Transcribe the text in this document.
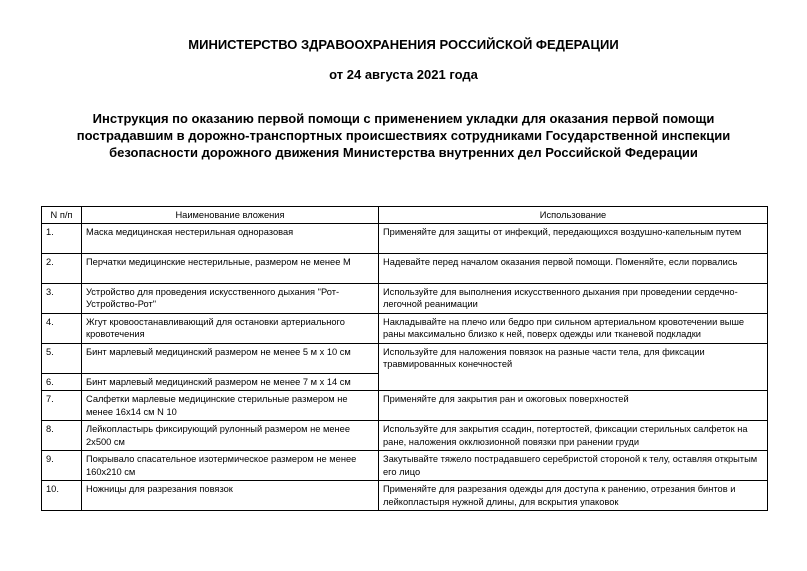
МИНИСТЕРСТВО ЗДРАВООХРАНЕНИЯ РОССИЙСКОЙ ФЕДЕРАЦИИ
от 24 августа 2021 года
Инструкция по оказанию первой помощи с применением укладки для оказания первой помощи
пострадавшим в дорожно-транспортных происшествиях сотрудниками Государственной инспекции
безопасности дорожного движения Министерства внутренних дел Российской Федерации
N п/п	Наименование вложения	Использование
1.	Маска медицинская нестерильная одноразовая	Применяйте для защиты от инфекций, передающихся воздушно-капельным путем
2.	Перчатки медицинские нестерильные, размером не менее M	Надевайте перед началом оказания первой помощи. Поменяйте, если порвались
3.	Устройство для проведения искусственного дыхания "Рот-Устройство-Рот"	Используйте для выполнения искусственного дыхания при проведении сердечно-легочной реанимации
4.	Жгут кровоостанавливающий для остановки артериального кровотечения	Накладывайте на плечо или бедро при сильном артериальном кровотечении выше раны максимально близко к ней, поверх одежды или тканевой подкладки
5.	Бинт марлевый медицинский размером не менее 5 м x 10 см	Используйте для наложения повязок на разные части тела, для фиксации травмированных конечностей
6.	Бинт марлевый медицинский размером не менее 7 м x 14 см	
7.	Салфетки марлевые медицинские стерильные размером не менее 16x14 см N 10	Применяйте для закрытия ран и ожоговых поверхностей
8.	Лейкопластырь фиксирующий рулонный размером не менее 2x500 см	Используйте для закрытия ссадин, потертостей, фиксации стерильных салфеток на ране, наложения окклюзионной повязки при ранении груди
9.	Покрывало спасательное изотермическое размером не менее 160x210 см	Закутывайте тяжело пострадавшего серебристой стороной к телу, оставляя открытым его лицо
10.	Ножницы для разрезания повязок	Применяйте для разрезания одежды для доступа к ранению, отрезания бинтов и лейкопластыря нужной длины, для вскрытия упаковок
